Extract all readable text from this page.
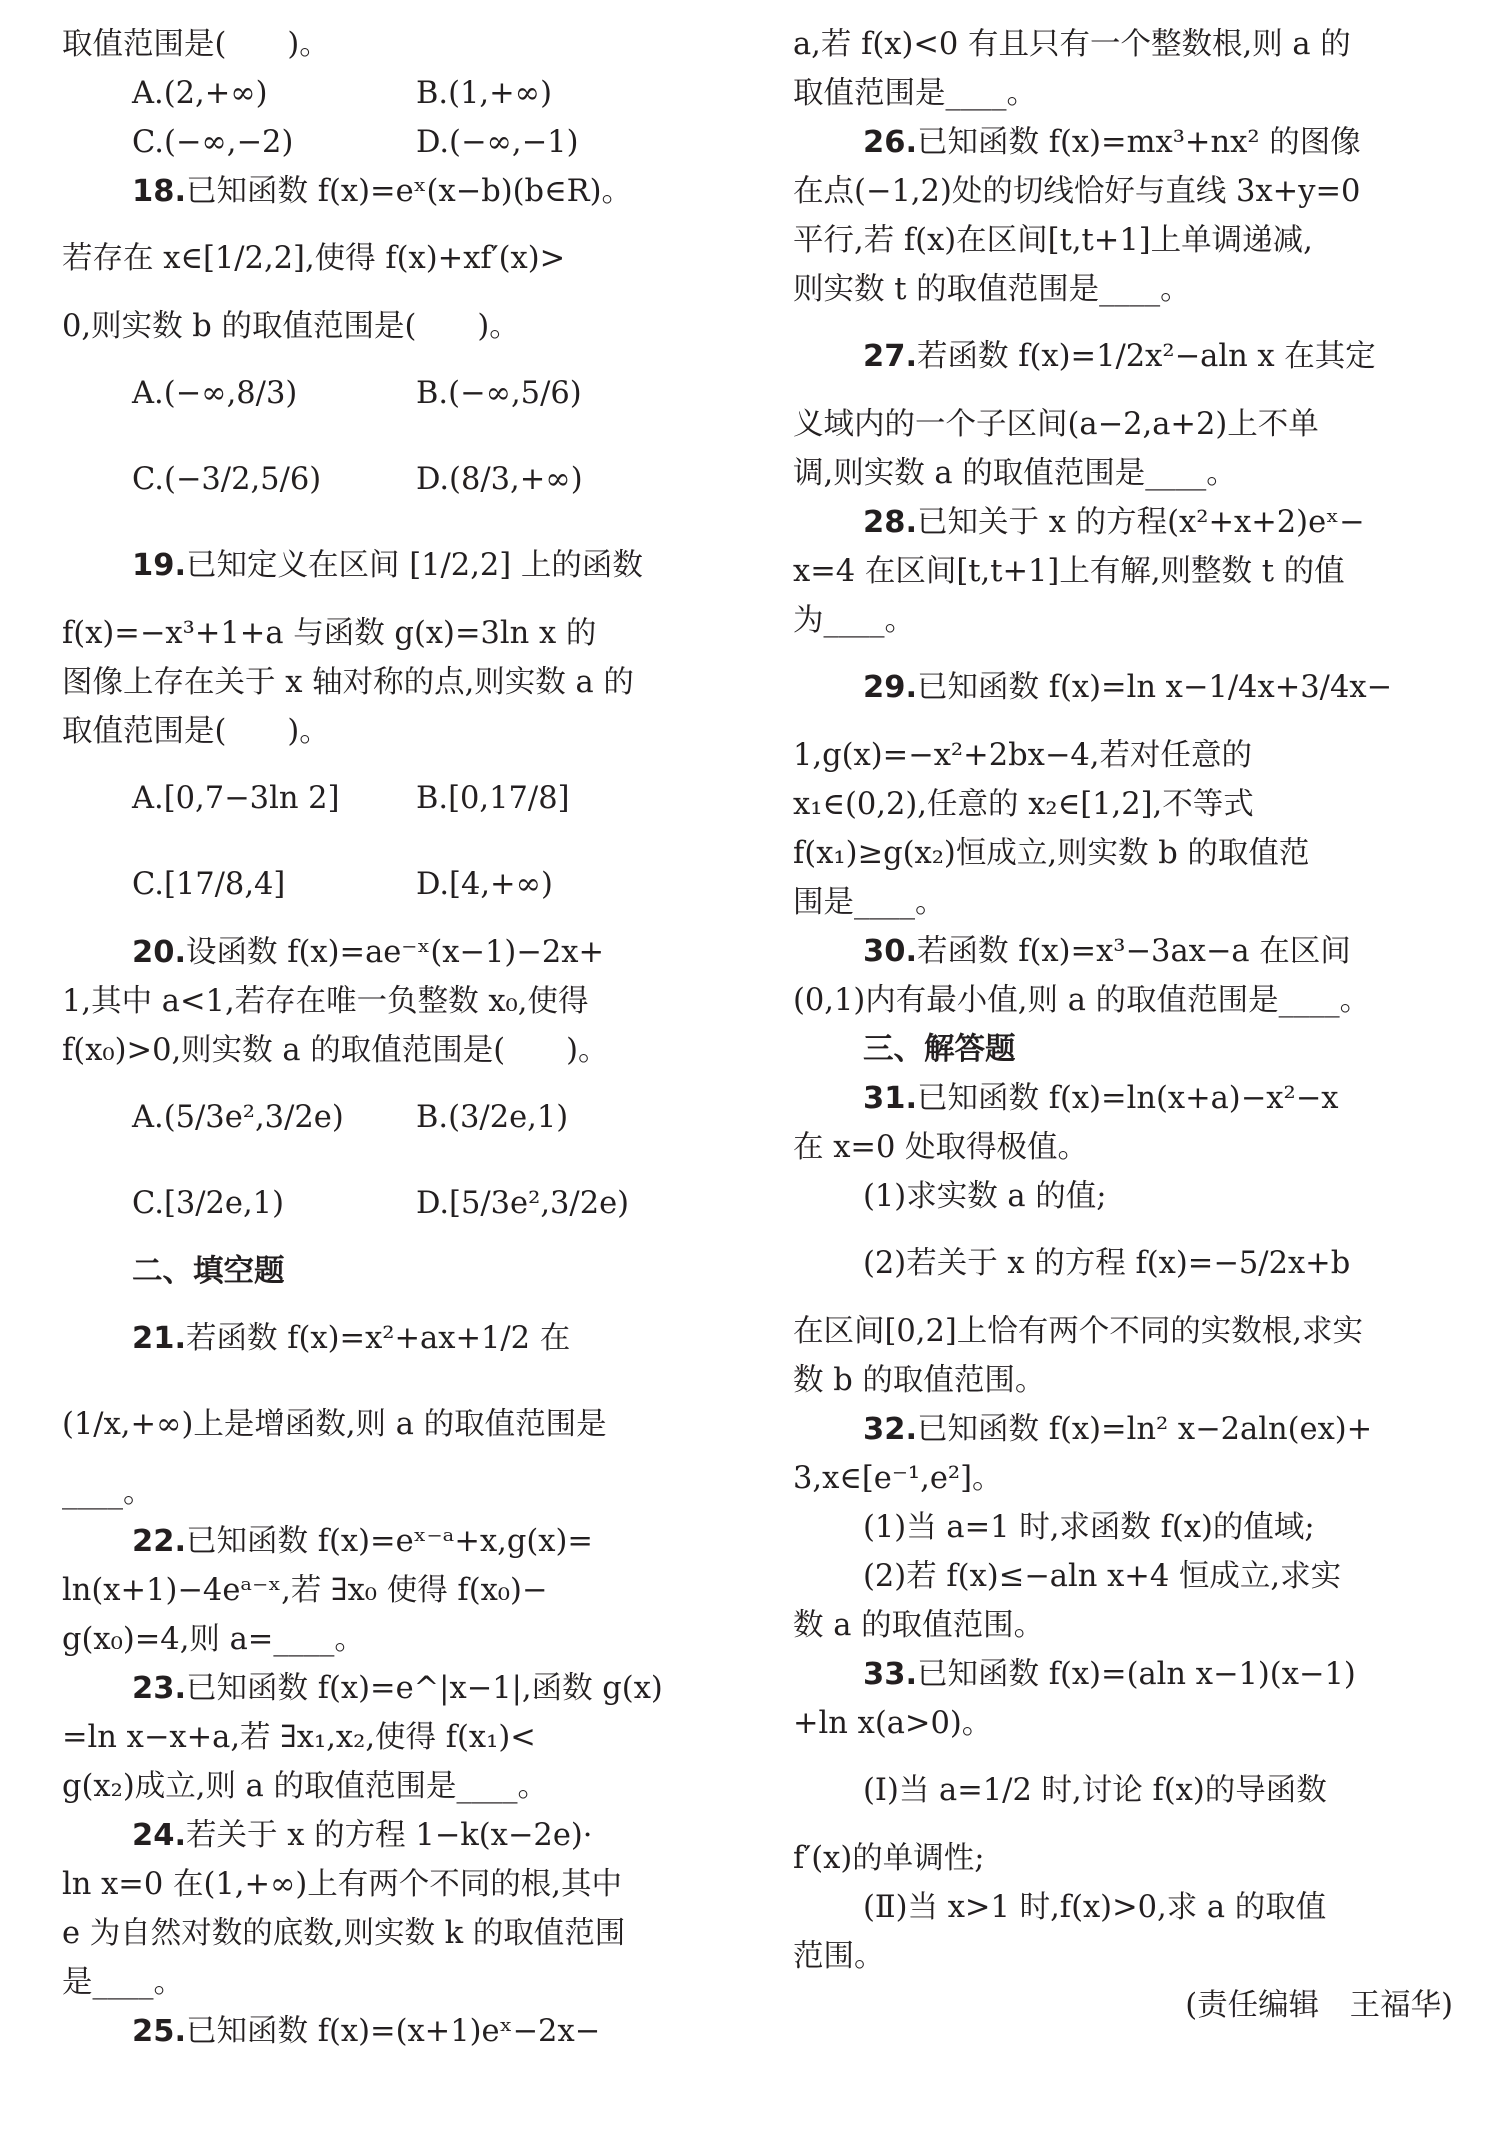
取值范围是(　　)。
A.(2,+∞)	B.(1,+∞)
C.(−∞,−2)	D.(−∞,−1)
18.已知函数 f(x)=eˣ(x−b)(b∈R)。
若存在 x∈[1/2,2],使得 f(x)+xf′(x)>
0,则实数 b 的取值范围是(　　)。
A.(−∞,8/3)	B.(−∞,5/6)
C.(−3/2,5/6)	D.(8/3,+∞)
19.已知定义在区间 [1/2,2] 上的函数
f(x)=−x³+1+a 与函数 g(x)=3ln x 的
图像上存在关于 x 轴对称的点,则实数 a 的
取值范围是(　　)。
A.[0,7−3ln 2]	B.[0,17/8]
C.[17/8,4]	D.[4,+∞)
20.设函数 f(x)=ae⁻ˣ(x−1)−2x+
1,其中 a<1,若存在唯一负整数 x₀,使得
f(x₀)>0,则实数 a 的取值范围是(　　)。
A.(5/3e²,3/2e)	B.(3/2e,1)
C.[3/2e,1)	D.[5/3e²,3/2e)
二、填空题
21.若函数 f(x)=x²+ax+1/2 在
(1/x,+∞)上是增函数,则 a 的取值范围是
____。
22.已知函数 f(x)=eˣ⁻ᵃ+x,g(x)=
ln(x+1)−4eᵃ⁻ˣ,若 ∃x₀ 使得 f(x₀)−
g(x₀)=4,则 a=____。
23.已知函数 f(x)=e^|x−1|,函数 g(x)
=ln x−x+a,若 ∃x₁,x₂,使得 f(x₁)<
g(x₂)成立,则 a 的取值范围是____。
24.若关于 x 的方程 1−k(x−2e)·
ln x=0 在(1,+∞)上有两个不同的根,其中
e 为自然对数的底数,则实数 k 的取值范围
是____。
25.已知函数 f(x)=(x+1)eˣ−2x−
a,若 f(x)<0 有且只有一个整数根,则 a 的
取值范围是____。
26.已知函数 f(x)=mx³+nx² 的图像
在点(−1,2)处的切线恰好与直线 3x+y=0
平行,若 f(x)在区间[t,t+1]上单调递减,
则实数 t 的取值范围是____。
27.若函数 f(x)=1/2x²−aln x 在其定
义域内的一个子区间(a−2,a+2)上不单
调,则实数 a 的取值范围是____。
28.已知关于 x 的方程(x²+x+2)eˣ−
x=4 在区间[t,t+1]上有解,则整数 t 的值
为____。
29.已知函数 f(x)=ln x−1/4x+3/4x−
1,g(x)=−x²+2bx−4,若对任意的
x₁∈(0,2),任意的 x₂∈[1,2],不等式
f(x₁)≥g(x₂)恒成立,则实数 b 的取值范
围是____。
30.若函数 f(x)=x³−3ax−a 在区间
(0,1)内有最小值,则 a 的取值范围是____。
三、解答题
31.已知函数 f(x)=ln(x+a)−x²−x
在 x=0 处取得极值。
(1)求实数 a 的值;
(2)若关于 x 的方程 f(x)=−5/2x+b
在区间[0,2]上恰有两个不同的实数根,求实
数 b 的取值范围。
32.已知函数 f(x)=ln² x−2aln(ex)+
3,x∈[e⁻¹,e²]。
(1)当 a=1 时,求函数 f(x)的值域;
(2)若 f(x)≤−aln x+4 恒成立,求实
数 a 的取值范围。
33.已知函数 f(x)=(aln x−1)(x−1)
+ln x(a>0)。
(Ⅰ)当 a=1/2 时,讨论 f(x)的导函数
f′(x)的单调性;
(Ⅱ)当 x>1 时,f(x)>0,求 a 的取值
范围。
(责任编辑　王福华)
